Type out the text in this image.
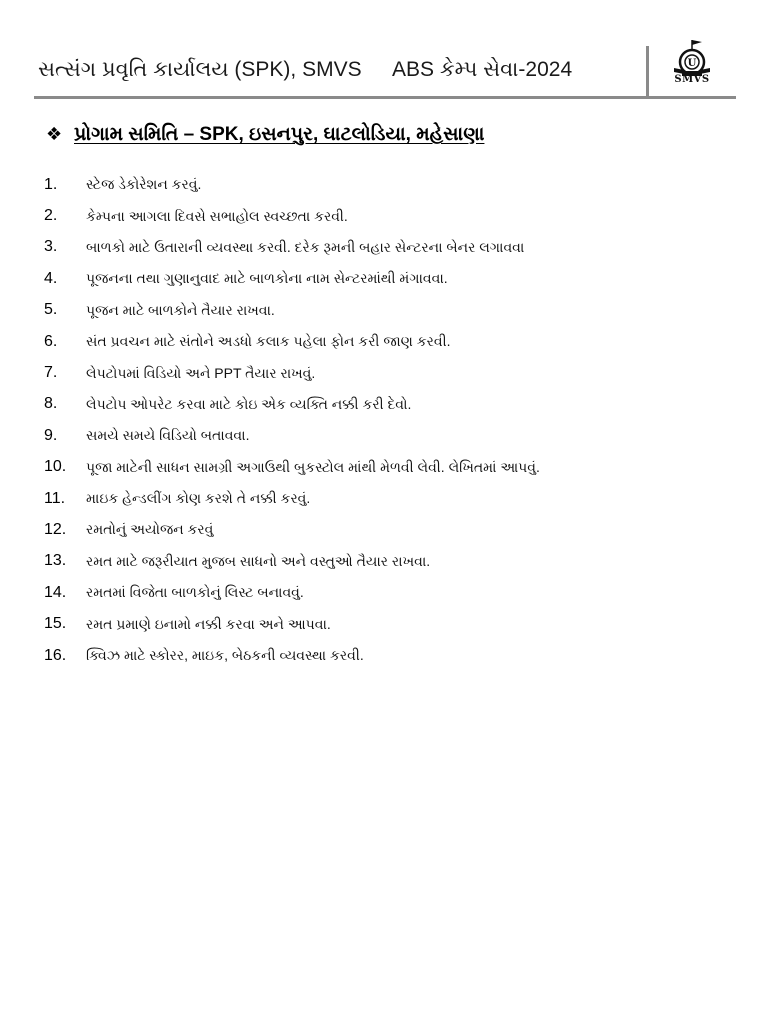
સત્સંગ પ્રવૃતિ કાર્યાલય (SPK), SMVS ABS કેમ્પ સેવા-2024	U
SMVS
❖ પ્રોગામ સમિતિ – SPK, ઇસનપુર, ઘાટલોડિયા, મહેસાણા
1.	સ્ટેજ ડેકોરેશન કરવું.
2.	કેમ્પના આગલા દિવસે સભાહોલ સ્વચ્છતા કરવી.
3.	બાળકો માટે ઉતારાની વ્યવસ્થા કરવી. દરેક રૂમની બહાર સેન્ટરના બેનર લગાવવા
4.	પૂજનના તથા ગુણાનુવાદ માટે બાળકોના નામ સેન્ટરમાંથી મંગાવવા.
5.	પૂજન માટે બાળકોને તૈયાર રાખવા.
6.	સંત પ્રવચન માટે સંતોને અડધો કલાક પહેલા ફોન કરી જાણ કરવી.
7.	લેપટોપમાં વિડિયો અને PPT તૈયાર રાખવું.
8.	લેપટોપ ઓપરેટ કરવા માટે કોઇ એક વ્યક્તિ નક્કી કરી દેવો.
9.	સમયે સમયે વિડિયો બતાવવા.
10.	પૂજા માટેની સાધન સામગ્રી અગાઉથી બુકસ્ટોલ માંથી મેળવી લેવી. લેખિતમાં આપવું.
11.	માઇક હેન્ડલીંગ કોણ કરશે તે નક્કી કરવું.
12.	રમતોનું અયોજન કરવું
13.	રમત માટે જરૂરીયાત મુજબ સાધનો અને વસ્તુઓ તૈયાર રાખવા.
14.	રમતમાં વિજેતા બાળકોનું લિસ્ટ બનાવવું.
15.	રમત પ્રમાણે ઇનામો નક્કી કરવા અને આપવા.
16.	ક્વિઝ માટે સ્કોરર, માઇક, બેઠકની વ્યવસ્થા કરવી.
